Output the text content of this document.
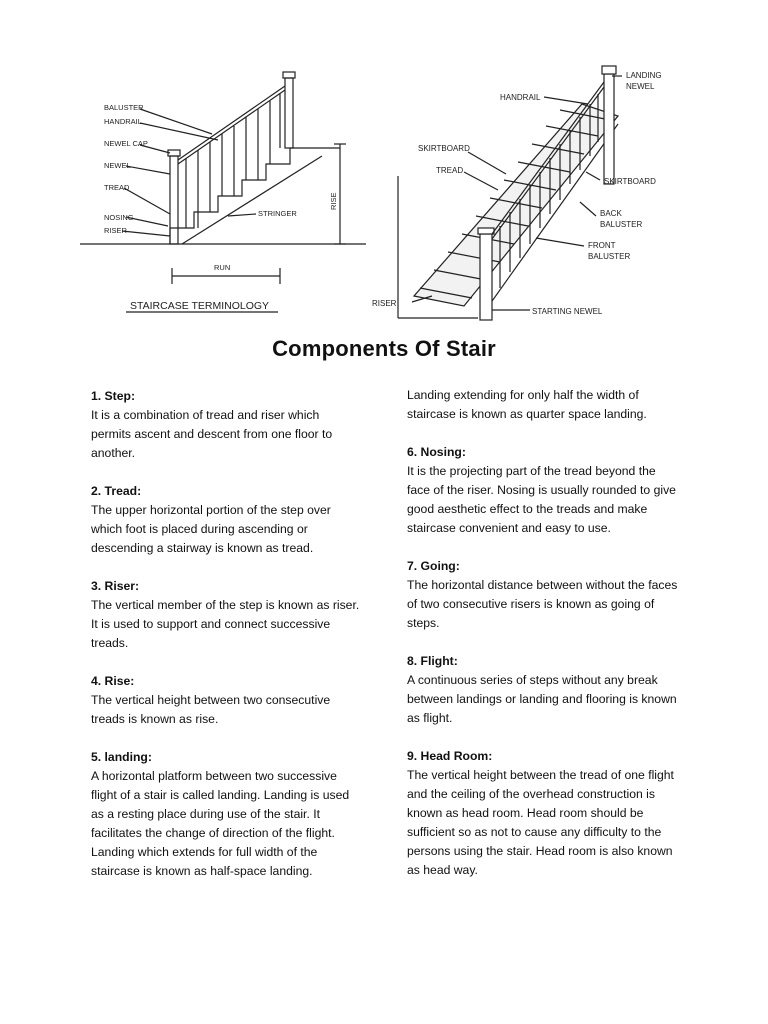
BALUSTER
HANDRAIL
NEWEL CAP
NEWEL
TREAD
NOSING
RISER
STRINGER
RUN
RISE
STAIRCASE TERMINOLOGY
LANDING
NEWEL
HANDRAIL
SKIRTBOARD
TREAD
SKIRTBOARD
BACK
BALUSTER
FRONT
BALUSTER
RISER
STARTING NEWEL
Components Of Stair
1. Step:

It is a combination of tread and riser which permits ascent and descent from one floor to another.

2. Tread:

The upper horizontal portion of the step over which foot is placed during ascending or descending a stairway is known as tread.

3. Riser:

The vertical member of the step is known as riser. It is used to support and connect successive treads.

4. Rise:

The vertical height between two consecutive treads is known as rise.

5. landing:

A horizontal platform between two successive flight of a stair is called landing. Landing is used as a resting place during use of the stair. It facilitates the change of direction of the flight.

Landing which extends for full width of the staircase is known as half-space landing.

Landing extending for only half the width of staircase is known as quarter space landing.

6. Nosing:

It is the projecting part of the tread beyond the face of the riser. Nosing is usually rounded to give good aesthetic effect to the treads and make staircase convenient and easy to use.

7. Going:

The horizontal distance between without the faces of two consecutive risers is known as going of steps.

8. Flight:

A continuous series of steps without any break between landings or landing and flooring is known as flight.

9. Head Room:

The vertical height between the tread of one flight and the ceiling of the overhead construction is known as head room. Head room should be sufficient so as not to cause any difficulty to the persons using the stair. Head room is also known as head way.
